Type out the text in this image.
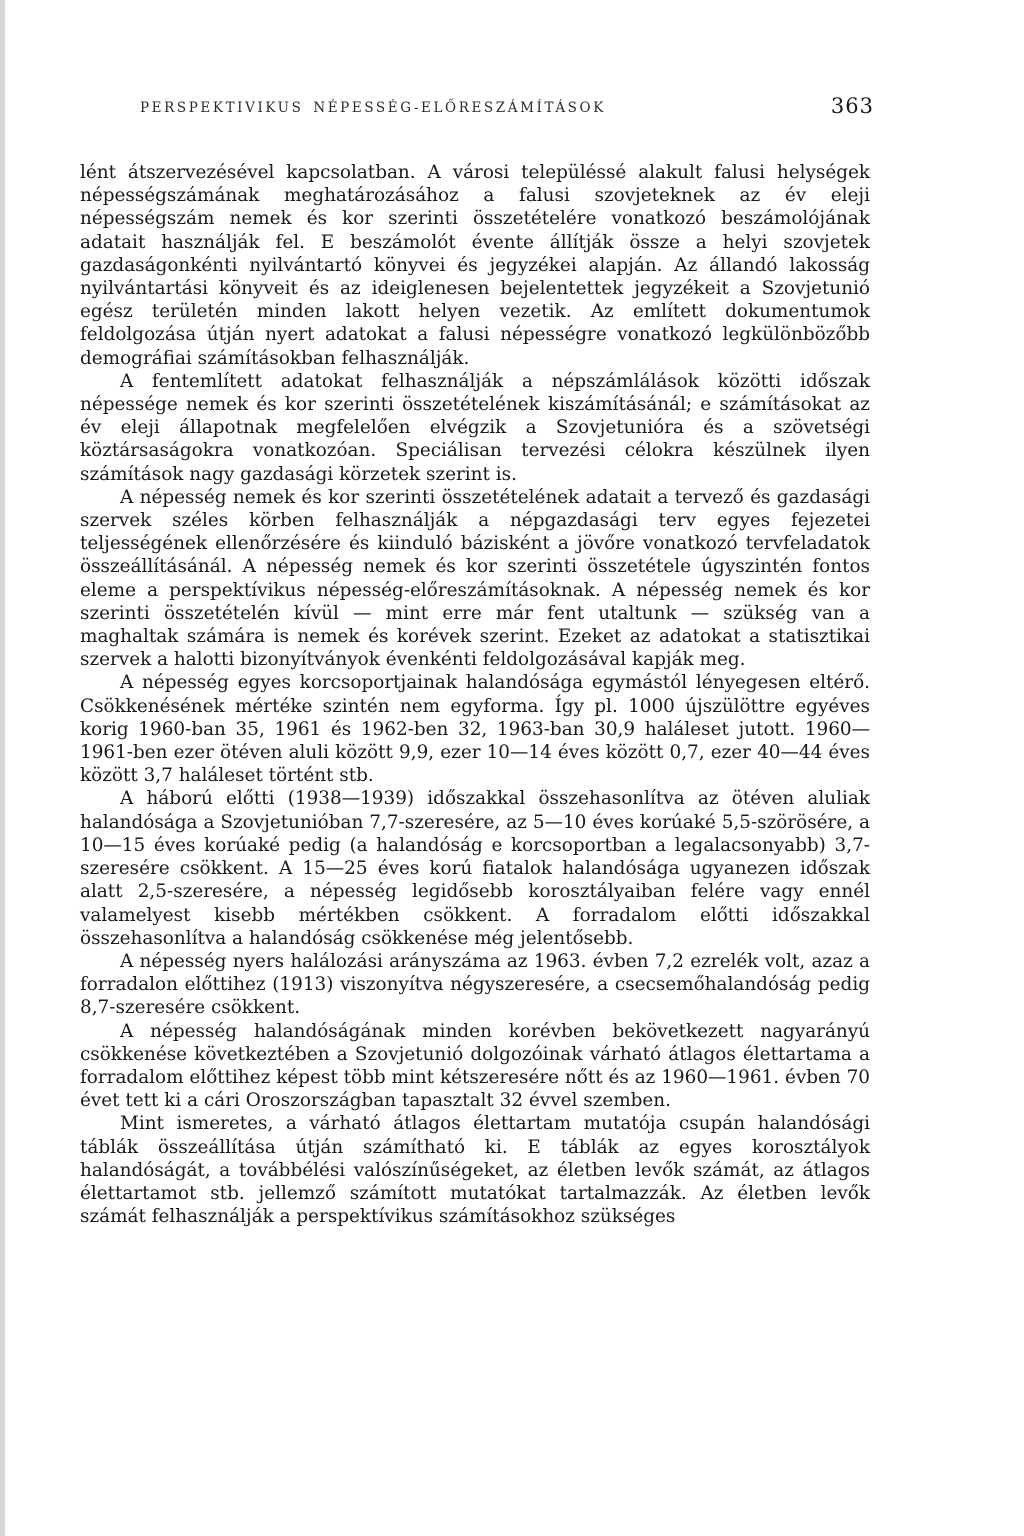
PERSPEKTIVIKUS NÉPESSÉG-ELŐRESZÁMÍTÁSOK	363

lént átszervezésével kapcsolatban. A városi településsé alakult falusi helységek népességszámának meghatározásához a falusi szovjeteknek az év eleji népességszám nemek és kor szerinti összetételére vonatkozó beszámolójának adatait használják fel. E beszámolót évente állítják össze a helyi szovjetek gazdaságonkénti nyilvántartó könyvei és jegyzékei alapján. Az állandó lakosság nyilvántartási könyveit és az ideiglenesen bejelentettek jegyzékeit a Szovjetunió egész területén minden lakott helyen vezetik. Az említett dokumentumok feldolgozása útján nyert adatokat a falusi népességre vonatkozó legkülönbözőbb demográfiai számításokban felhasználják.

A fentemlített adatokat felhasználják a népszámlálások közötti időszak népessége nemek és kor szerinti összetételének kiszámításánál; e számításokat az év eleji állapotnak megfelelően elvégzik a Szovjetunióra és a szövetségi köztársaságokra vonatkozóan. Speciálisan tervezési célokra készülnek ilyen számítások nagy gazdasági körzetek szerint is.

A népesség nemek és kor szerinti összetételének adatait a tervező és gazdasági szervek széles körben felhasználják a népgazdasági terv egyes fejezetei teljességének ellenőrzésére és kiinduló bázisként a jövőre vonatkozó tervfeladatok összeállításánál. A népesség nemek és kor szerinti összetétele úgyszintén fontos eleme a perspektívikus népesség-előreszámításoknak. A népesség nemek és kor szerinti összetételén kívül — mint erre már fent utaltunk — szükség van a maghaltak számára is nemek és korévek szerint. Ezeket az adatokat a statisztikai szervek a halotti bizonyítványok évenkénti feldolgozásával kapják meg.

A népesség egyes korcsoportjainak halandósága egymástól lényegesen eltérő. Csökkenésének mértéke szintén nem egyforma. Így pl. 1000 újszülöttre egyéves korig 1960-ban 35, 1961 és 1962-ben 32, 1963-ban 30,9 haláleset jutott. 1960—1961-ben ezer ötéven aluli között 9,9, ezer 10—14 éves között 0,7, ezer 40—44 éves között 3,7 haláleset történt stb.

A háború előtti (1938—1939) időszakkal összehasonlítva az ötéven aluliak halandósága a Szovjetunióban 7,7-szeresére, az 5—10 éves korúaké 5,5-szörösére, a 10—15 éves korúaké pedig (a halandóság e korcsoportban a legalacsonyabb) 3,7-szeresére csökkent. A 15—25 éves korú fiatalok halandósága ugyanezen időszak alatt 2,5-szeresére, a népesség legidősebb korosztályaiban felére vagy ennél valamelyest kisebb mértékben csökkent. A forradalom előtti időszakkal összehasonlítva a halandóság csökkenése még jelentősebb.

A népesség nyers halálozási arányszáma az 1963. évben 7,2 ezrelék volt, azaz a forradalon előttihez (1913) viszonyítva négyszeresére, a csecsemőhalandóság pedig 8,7-szeresére csökkent.

A népesség halandóságának minden korévben bekövetkezett nagyarányú csökkenése következtében a Szovjetunió dolgozóinak várható átlagos élettartama a forradalom előttihez képest több mint kétszeresére nőtt és az 1960—1961. évben 70 évet tett ki a cári Oroszországban tapasztalt 32 évvel szemben.

Mint ismeretes, a várható átlagos élettartam mutatója csupán halandósági táblák összeállítása útján számítható ki. E táblák az egyes korosztályok halandóságát, a továbbélési valószínűségeket, az életben levők számát, az átlagos élettartamot stb. jellemző számított mutatókat tartalmazzák. Az életben levők számát felhasználják a perspektívikus számításokhoz szükséges
